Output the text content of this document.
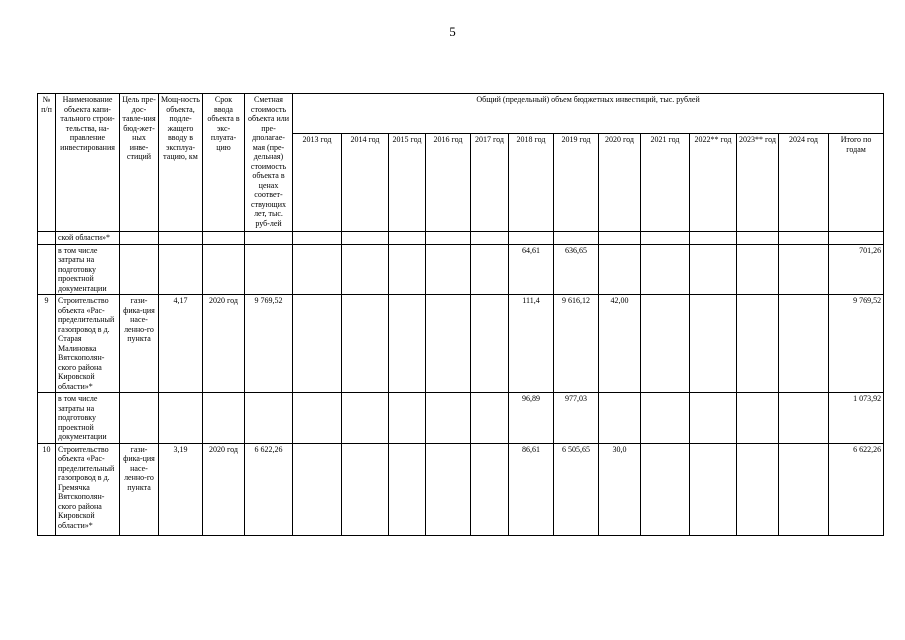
5
№ п/п	Наименование объекта капи-тального строи-тельства, на-правление инвестирования	Цель пре-дос-тавле-ния бюд-жет-ных инве-стиций	Мощ-ность объекта, подле-жащего вводу в эксплуа-тацию, км	Срок ввода объекта в экс-плуата-цию	Сметная стоимость объекта или пре-дполагае-мая (пре-дельная) стоимость объекта в ценах соответ-ствующих лет, тыс. руб-лей	Общий (предельный) объем бюджетных инвестиций, тыс. рублей												
						2013 год	2014 год	2015 год	2016 год	2017 год	2018 год	2019 год	2020 год	2021 год	2022** год	2023** год	2024 год	Итого по годам
	ской области»*																	
	в том числе затраты на подготовку проектной документации										64,61	636,65						701,26
9	Строительство объекта «Рас-пределительный газопровод в д. Старая Малиновка Вятскополян-ского района Кировской области»*	гази-фика-ция насе-ленно-го пункта	4,17	2020 год	9 769,52						111,4	9 616,12	42,00					9 769,52
	в том числе затраты на подготовку проектной документации										96,89	977,03						1 073,92
10	Строительство объекта «Рас-пределительный газопровод в д. Гремячка Вятскополян-ского района Кировской области»*	гази-фика-ция насе-ленно-го пункта	3,19	2020 год	6 622,26						86,61	6 505,65	30,0					6 622,26
